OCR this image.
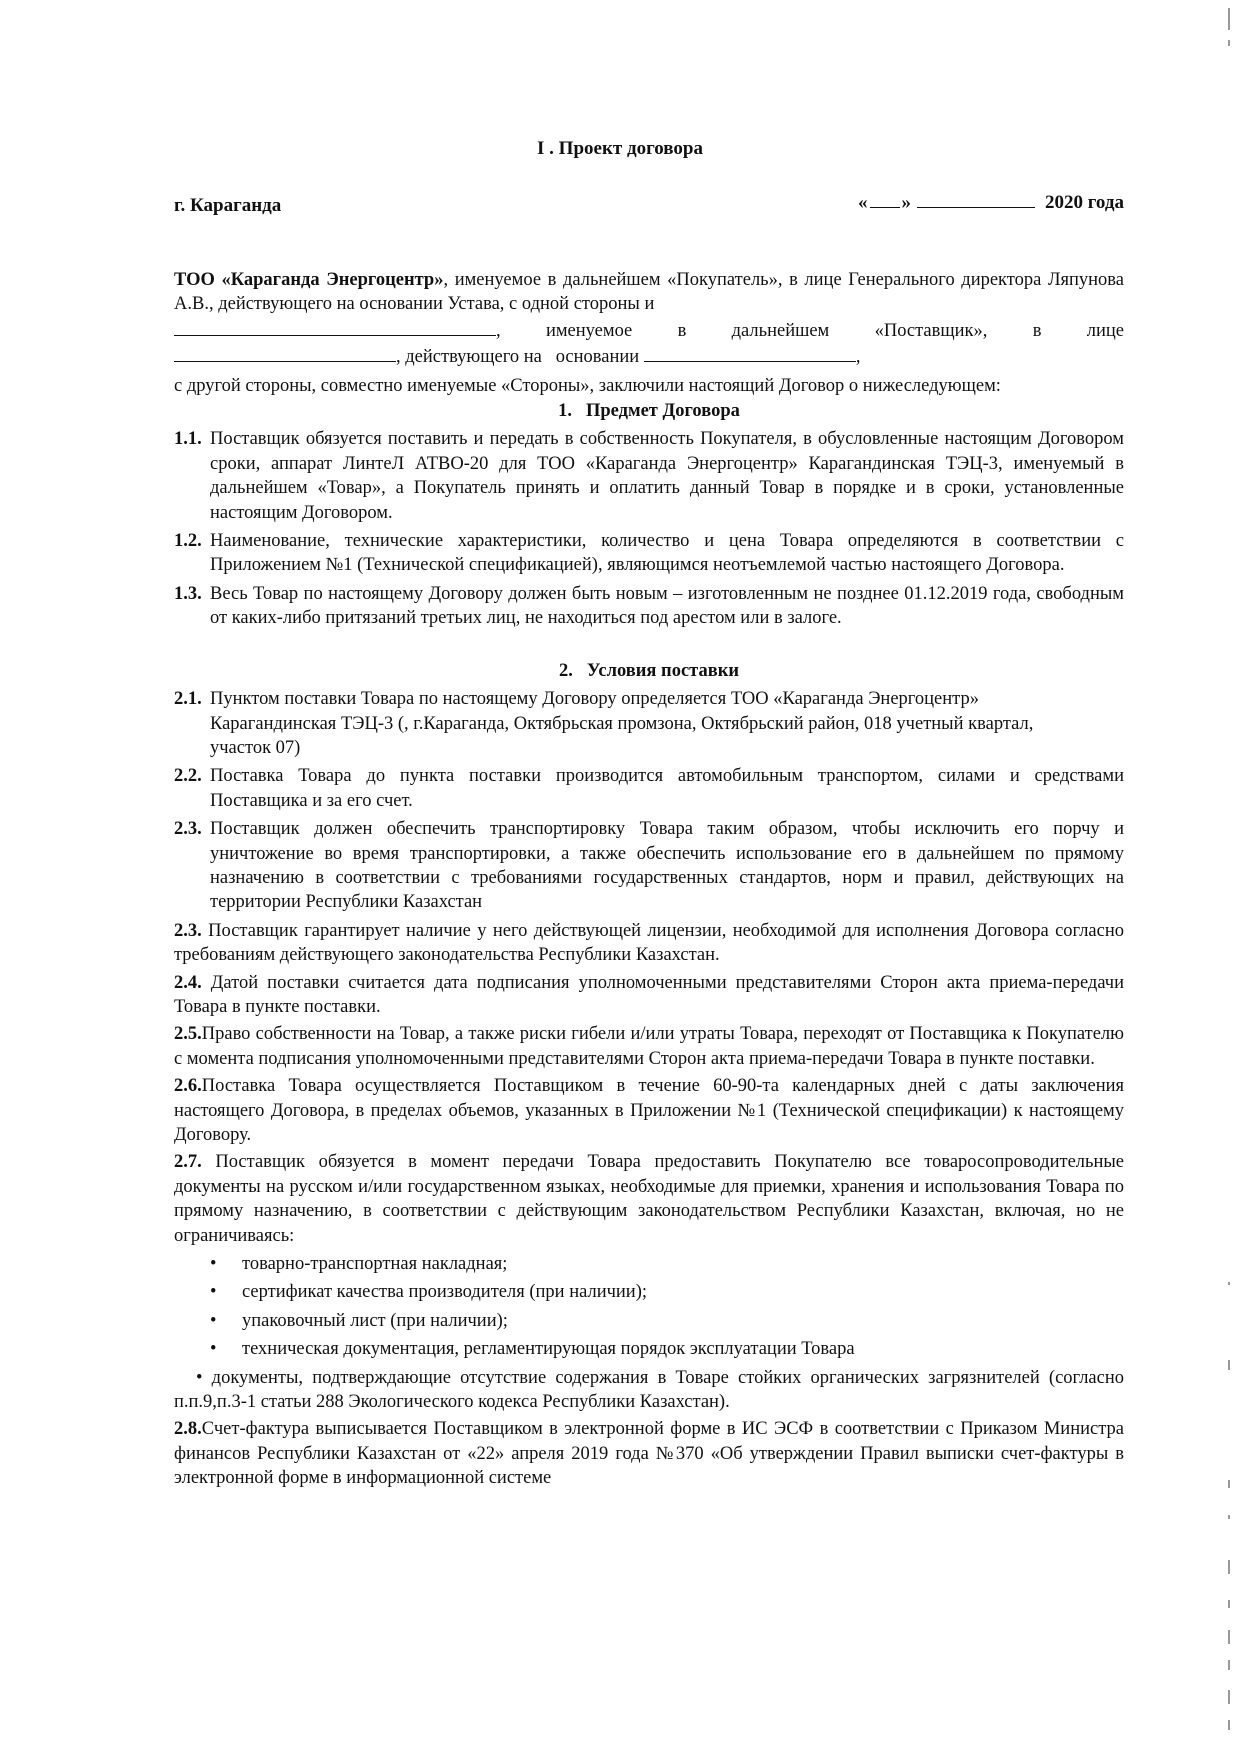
I . Проект договора
г. Караганда	« »	2020 года
ТОО «Караганда Энергоцентр», именуемое в дальнейшем «Покупатель», в лице Генерального директора Ляпунова А.В., действующего на основании Устава, с одной стороны и
, именуемое в дальнейшем «Поставщик», в лице
, действующего на основании	,
с другой стороны, совместно именуемые «Стороны», заключили настоящий Договор о нижеследующем:
1. Предмет Договора
1.1. Поставщик обязуется поставить и передать в собственность Покупателя, в обусловленные настоящим Договором сроки, аппарат ЛинтеЛ АТВО-20 для ТОО «Караганда Энергоцентр» Карагандинская ТЭЦ-3, именуемый в дальнейшем «Товар», а Покупатель принять и оплатить данный Товар в порядке и в сроки, установленные настоящим Договором.
1.2. Наименование, технические характеристики, количество и цена Товара определяются в соответствии с Приложением №1 (Технической спецификацией), являющимся неотъемлемой частью настоящего Договора.
1.3. Весь Товар по настоящему Договору должен быть новым – изготовленным не позднее 01.12.2019 года, свободным от каких-либо притязаний третьих лиц, не находиться под арестом или в залоге.
2. Условия поставки
2.1. Пунктом поставки Товара по настоящему Договору определяется ТОО «Караганда Энергоцентр» Карагандинская ТЭЦ-3 (, г.Караганда, Октябрьская промзона, Октябрьский район, 018 учетный квартал, участок 07)
2.2. Поставка Товара до пункта поставки производится автомобильным транспортом, силами и средствами Поставщика и за его счет.
2.3. Поставщик должен обеспечить транспортировку Товара таким образом, чтобы исключить его порчу и уничтожение во время транспортировки, а также обеспечить использование его в дальнейшем по прямому назначению в соответствии с требованиями государственных стандартов, норм и правил, действующих на территории Республики Казахстан
2.3. Поставщик гарантирует наличие у него действующей лицензии, необходимой для исполнения Договора согласно требованиям действующего законодательства Республики Казахстан.
2.4. Датой поставки считается дата подписания уполномоченными представителями Сторон акта приема-передачи Товара в пункте поставки.
2.5.Право собственности на Товар, а также риски гибели и/или утраты Товара, переходят от Поставщика к Покупателю с момента подписания уполномоченными представителями Сторон акта приема-передачи Товара в пункте поставки.
2.6.Поставка Товара осуществляется Поставщиком в течение 60-90-та календарных дней с даты заключения настоящего Договора, в пределах объемов, указанных в Приложении №1 (Технической спецификации) к настоящему Договору.
2.7. Поставщик обязуется в момент передачи Товара предоставить Покупателю все товаросопроводительные документы на русском и/или государственном языках, необходимые для приемки, хранения и использования Товара по прямому назначению, в соответствии с действующим законодательством Республики Казахстан, включая, но не ограничиваясь:
• товарно-транспортная накладная;
• сертификат качества производителя (при наличии);
• упаковочный лист (при наличии);
• техническая документация, регламентирующая порядок эксплуатации Товара
• документы, подтверждающие отсутствие содержания в Товаре стойких органических загрязнителей (согласно п.п.9,п.3-1 статьи 288 Экологического кодекса Республики Казахстан).
2.8.Счет-фактура выписывается Поставщиком в электронной форме в ИС ЭСФ в соответствии с Приказом Министра финансов Республики Казахстан от «22» апреля 2019 года №370 «Об утверждении Правил выписки счет-фактуры в электронной форме в информационной системе
